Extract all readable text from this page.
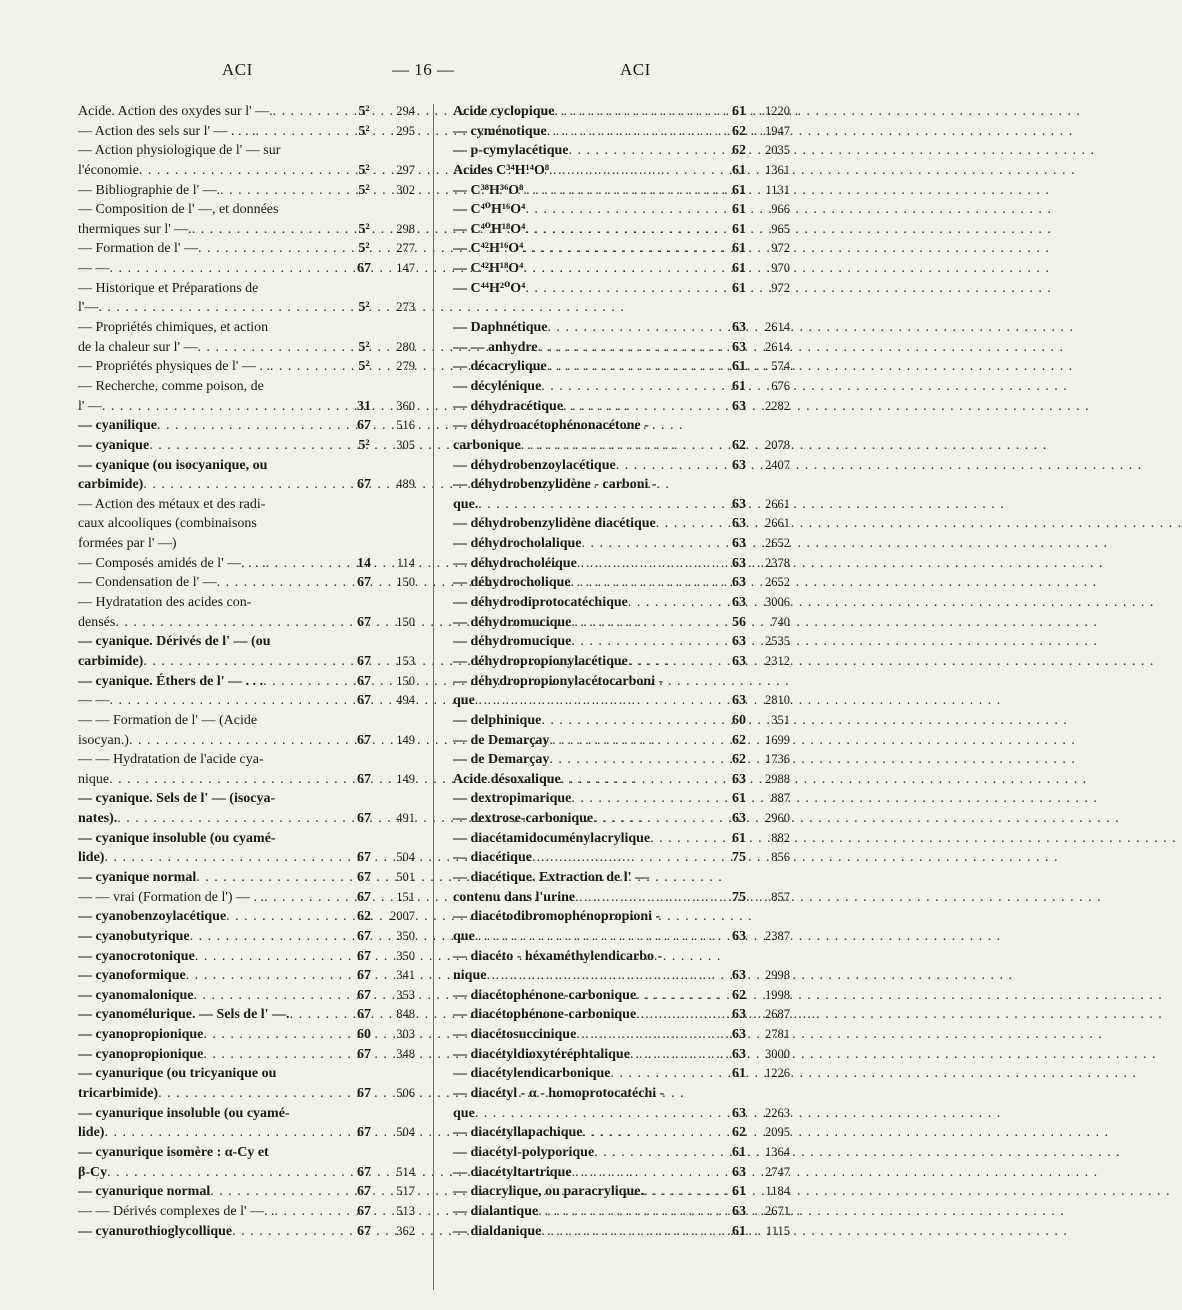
ACI	— 16 —	ACI
Acide. Action des oxydes sur l' —. . . .	5²	294
— Action des sels sur l' — . . . . . . .	5²	295
— Action physiologique de l' — sur
l'économie . . .	5²	297
— Bibliographie de l' —. . . .	5²	302
— Composition de l' —, et données
thermiques sur l' —. . . .	5²	298
— Formation de l' — . . .	5²	277
— — . . .	67	147
— Historique et Préparations de
l'— . . .	5²	273
— Propriétés chimiques, et action
de la chaleur sur l' — . . .	5²	280
— Propriétés physiques de l' — . . . . .	5²	279
— Recherche, comme poison, de
l' — . . .	31	360
— cyanilique . . .	67	516
— cyanique . . .	5²	305
— cyanique (ou isocyanique, ou
carbimide) . . .	67	489
— Action des métaux et des radi-
caux alcooliques (combinaisons
formées par l' —)
— Composés amidés de l' —. . . . . . .	14	114
— Condensation de l' — . . .	67	150
— Hydratation des acides con-
densés . . .	67	150
— cyanique. Dérivés de l' — (ou
carbimide) . . .	67	153
— cyanique. Éthers de l' — . . . . . .	67	150
— — . . .	67	494
— — Formation de l' — (Acide
isocyan.) . . .	67	149
— — Hydratation de l'acide cya-
nique . . .	67	149
— cyanique. Sels de l' — (isocya-
nates). . . .	67	491
— cyanique insoluble (ou cyamé-
lide) . . .	67	504
— cyanique normal . . .	67	501
— — vrai (Formation de l') — . . . . .	67	151
— cyanobenzoylacétique . . .	62	2007
— cyanobutyrique . . .	67	350
— cyanocrotonique . . .	67	350
— cyanoformique . . .	67	341
— cyanomalonique . . .	67	353
— cyanomélurique. — Sels de l' —. . . .	67	848
— cyanopropionique . . .	60	303
— cyanopropionique . . .	67	348
— cyanurique (ou tricyanique ou
tricarbimide) . . .	67	506
— cyanurique insoluble (ou cyamé-
lide) . . .	67	504
— cyanurique isomère : α-Cy et
β-Cy . . .	67	514
— cyanurique normal . . .	67	517
— — Dérivés complexes de l' —. . . . .	67	513
— cyanurothioglycollique . . .	67	362
Acide cyclopique . . .	61	1220
— cyménotique . . .	62	1947
— p-cymylacétique . . .	62	2035
Acides C³⁴H¹⁴O⁸ . . .	61	1361
— C³⁸H³⁶O⁸ . . .	61	1131
— C⁴⁰H¹⁶O⁴ . . .	61	966
— C⁴⁰H¹⁸O⁴ . . .	61	965
— C⁴²H¹⁶O⁴ . . .	61	972
— C⁴²H¹⁸O⁴ . . .	61	970
— C⁴⁴H²⁰O⁴ . . .	61	972
— Daphnétique . . .	63	2614
— — anhydre . . .	63	2614
— décacrylique . . .	61	574
— décylénique . . .	61	676
— déhydracétique . . .	63	2282
— déhydroacétophénonacétone -
carbonique . . .	62	2078
— déhydrobenzoylacétique . . .	63	2407
— déhydrobenzylidène - carboni -
que. . . .	63	2661
— déhydrobenzylidène diacétique . . .	63	2661
— déhydrocholalique . . .	63	2652
— déhydrocholéique . . .	63	2378
— déhydrocholique . . .	63	2652
— déhydrodiprotocatéchique . . .	63	3006
— déhydromucique . . .	56	740
— déhydromucique . . .	63	2535
— déhydropropionylacétique . . .	63	2312
— déhydropropionylacétocarboni -
que . . .	63	2810
— delphinique . . .	60	351
— de Demarçay . . .	62	1699
— de Demarçay . . .	62	1736
Acide désoxalique . . .	63	2988
— dextropimarique . . .	61	887
— dextrose-carbonique . . .	63	2960
— diacétamidocuménylacrylique . . .	61	882
— diacétique . . .	75	856
— diacétique. Extraction de l' —
contenu dans l'urine . . .	75	857
— diacétodibromophénopropioni -
que . . .	63	2387
— diacéto - héxaméthylendicarbo -
nique . . .	63	2998
— diacétophénone-carbonique . . .	62	1998
— diacétophénone-carbonique . . .	63	2687
— diacétosuccinique . . .	63	2781
— diacétyldioxytéréphtalique . . .	63	3000
— diacétylendicarbonique . . .	61	1226
— diacétyl - α - homoprotocatéchi -
que . . .	63	2263
— diacétyllapachique . . .	62	2095
— diacétyl-polyporique . . .	61	1364
— diacétyltartrique . . .	63	2747
— diacrylique, ou paracrylique. . . .	61	1184
— dialantique . . .	63	2671
— dialdanique . . .	61	1115
